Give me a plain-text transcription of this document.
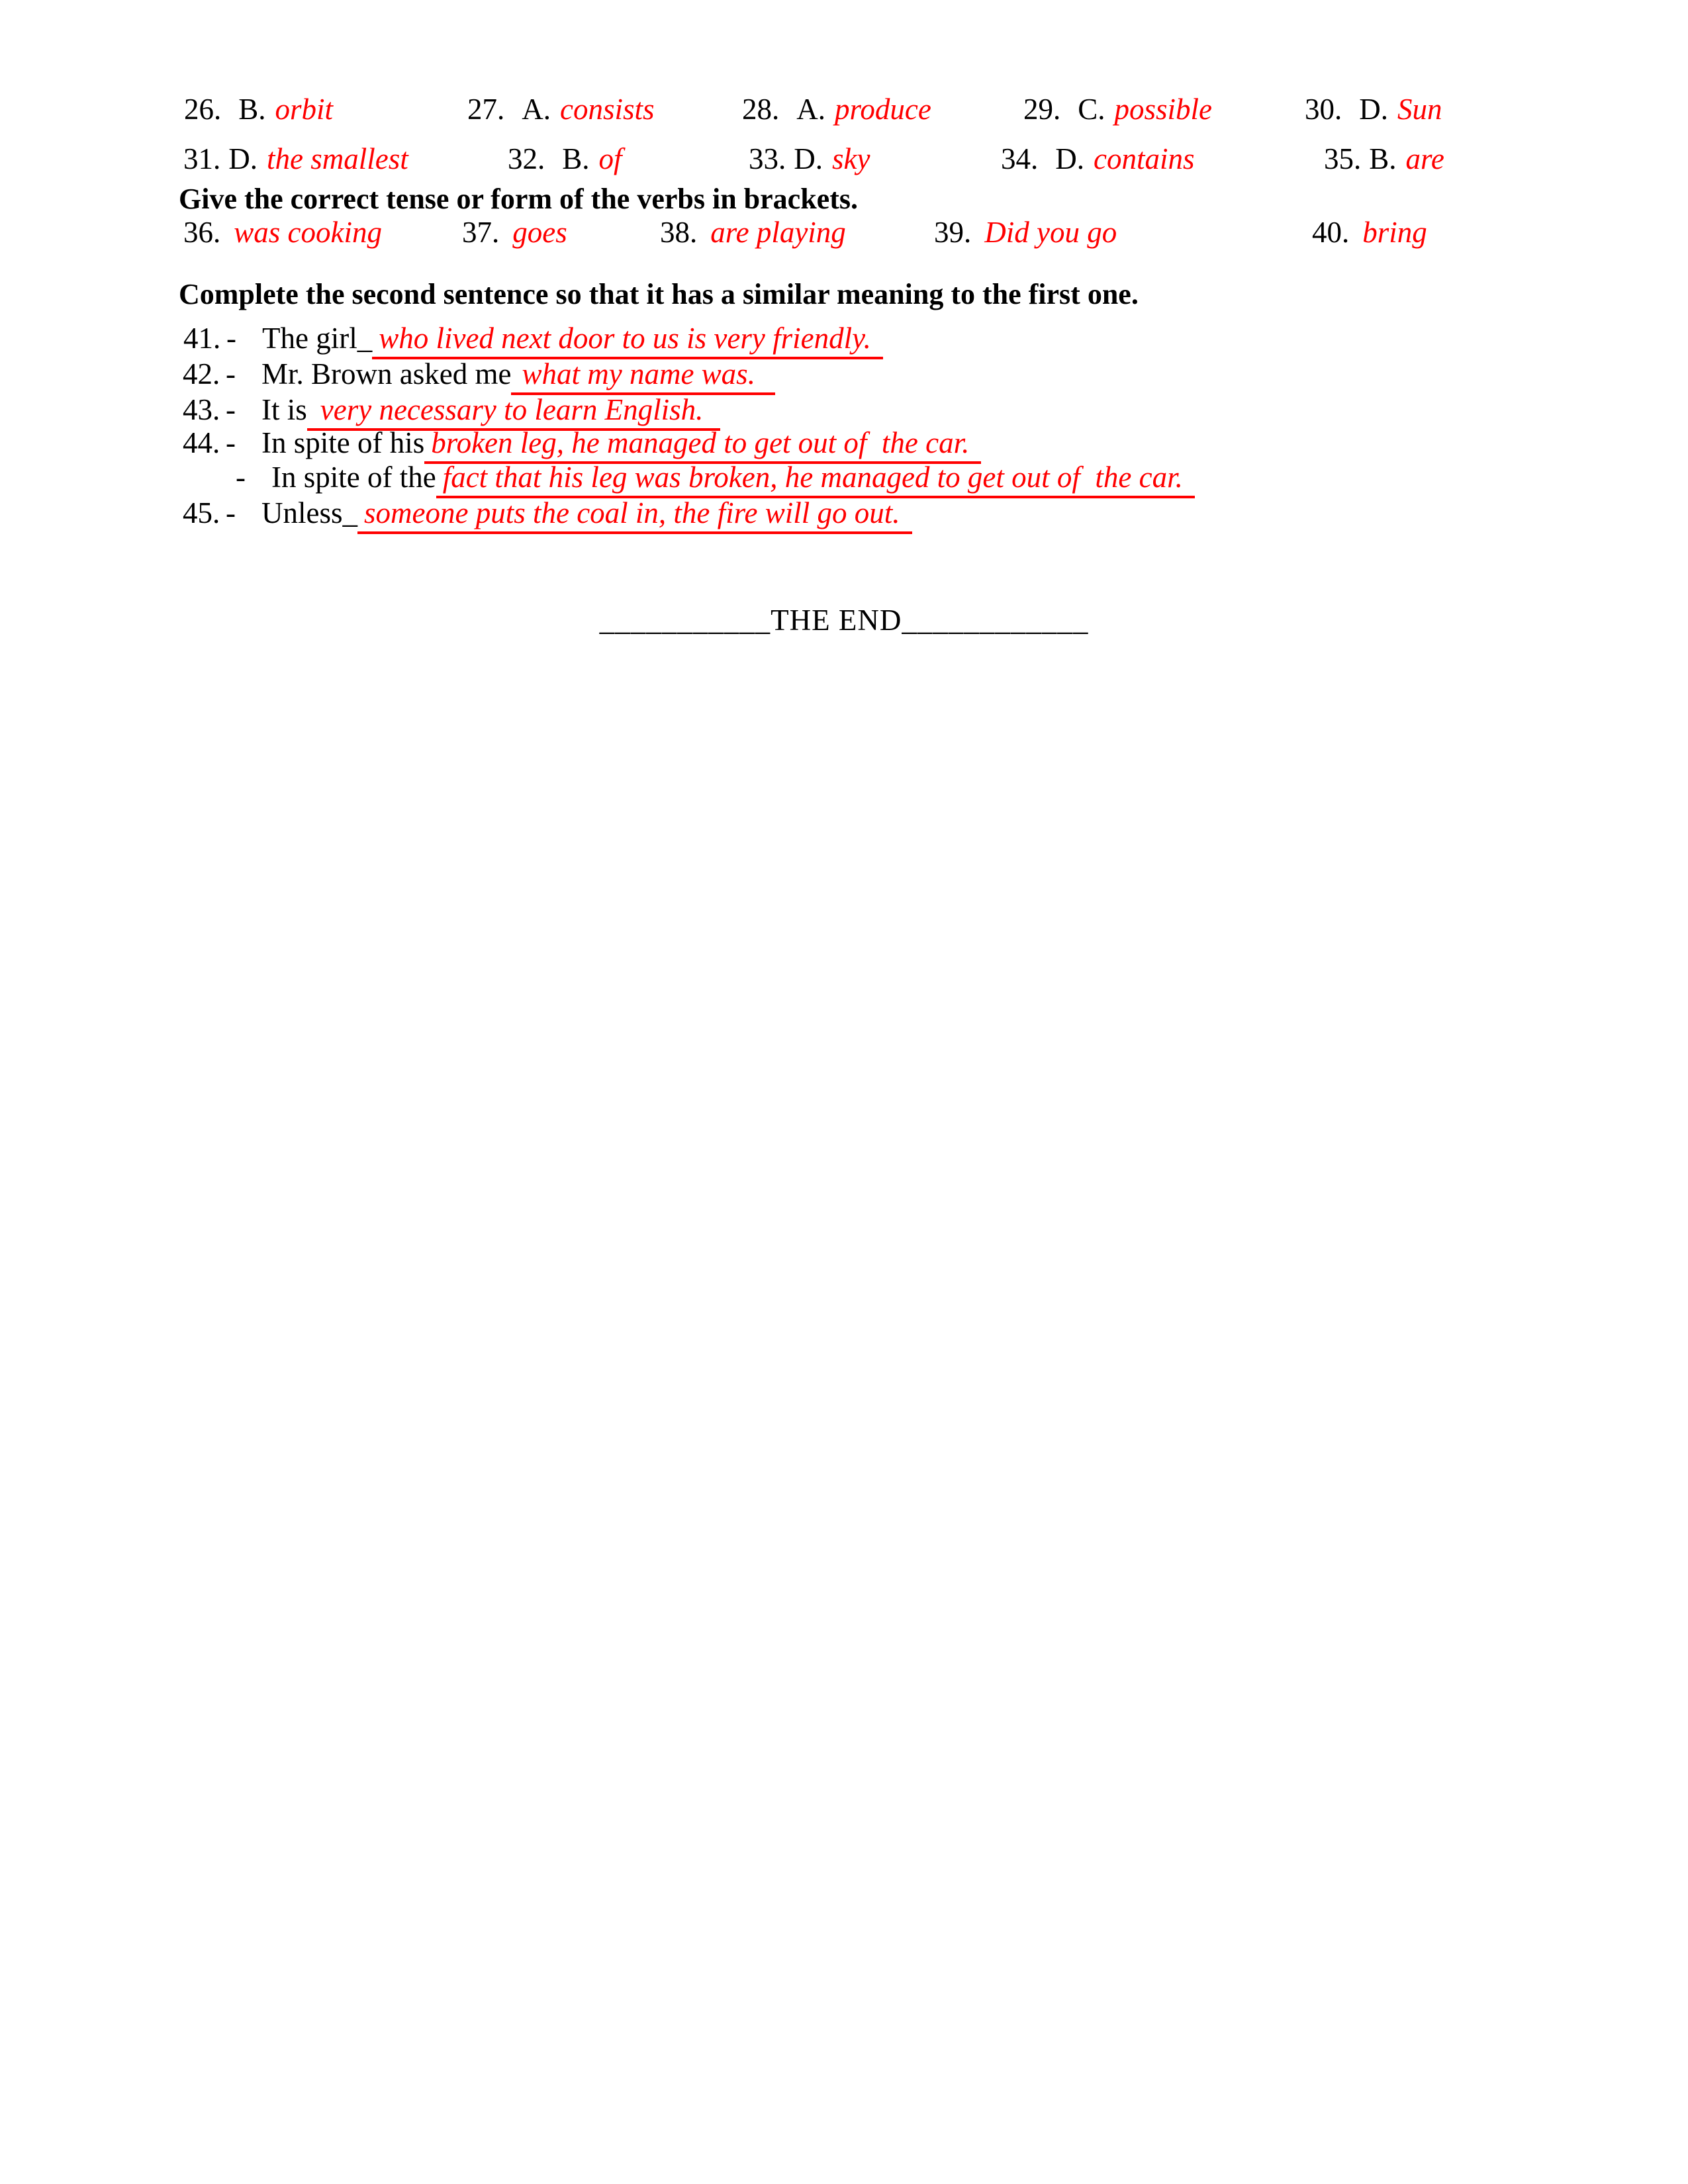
26. B. orbit	27. A. consists	28. A. produce	29. C. possible	30. D. Sun
31. D. the smallest	32. B. of	33. D. sky	34. D. contains	35. B. are
Give the correct tense or form of the verbs in brackets.
36. was cooking	37. goes	38. are playing	39. Did you go	40. bring
Complete the second sentence so that it has a similar meaning to the first one.
41. - The girl_ who lived next door to us is very friendly.
42. - Mr. Brown asked me what my name was.
43. - It is very necessary to learn English.
44. - In spite of his broken leg, he managed to get out of  the car.
- In spite of the fact that his leg was broken, he managed to get out of  the car.
45. - Unless_ someone puts the coal in, the fire will go out.
___________THE END____________
